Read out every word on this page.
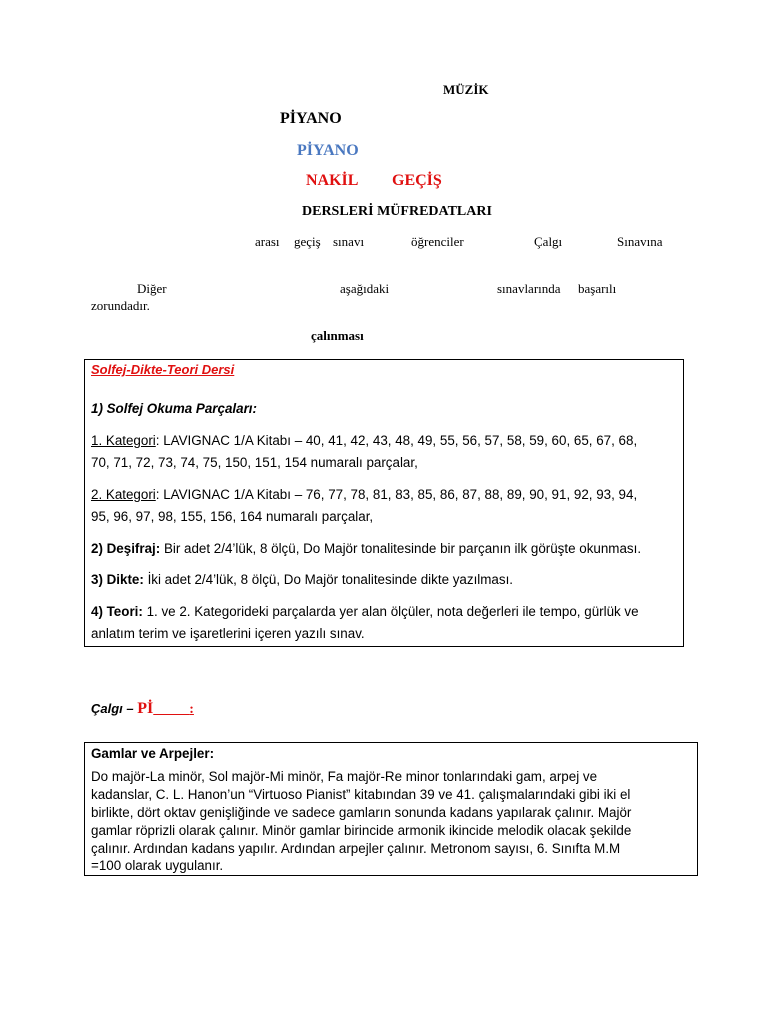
MÜZİK
PİYANO
PİYANO
NAKİL GEÇİŞ
DERSLERİ MÜFREDATLARI
arası geçiş sınavı	öğrenciler	Çalgı	Sınavına
Diğer	aşağıdaki	sınavlarında başarılı
zorundadır.
çalınması
Solfej-Dikte-Teori Dersi
1) Solfej Okuma Parçaları:
1. Kategori: LAVIGNAC 1/A Kitabı – 40, 41, 42, 43, 48, 49, 55, 56, 57, 58, 59, 60, 65, 67, 68,
70, 71, 72, 73, 74, 75, 150, 151, 154 numaralı parçalar,
2. Kategori: LAVIGNAC 1/A Kitabı – 76, 77, 78, 81, 83, 85, 86, 87, 88, 89, 90, 91, 92, 93, 94,
95, 96, 97, 98, 155, 156, 164 numaralı parçalar,
2) Deşifraj: Bir adet 2/4’lük, 8 ölçü, Do Majör tonalitesinde bir parçanın ilk görüşte okunması.
3) Dikte: İki adet 2/4’lük, 8 ölçü, Do Majör tonalitesinde dikte yazılması.
4) Teori: 1. ve 2. Kategorideki parçalarda yer alan ölçüler, nota değerleri ile tempo, gürlük ve
anlatım terim ve işaretlerini içeren yazılı sınav.
Çalgı – Pİ	:
Gamlar ve Arpejler:
Do majör-La minör, Sol majör-Mi minör, Fa majör-Re minor tonlarındaki gam, arpej ve
kadanslar, C. L. Hanon’un “Virtuoso Pianist” kitabından 39 ve 41. çalışmalarındaki gibi iki el
birlikte, dört oktav genişliğinde ve sadece gamların sonunda kadans yapılarak çalınır. Majör
gamlar röprizli olarak çalınır. Minör gamlar birincide armonik ikincide melodik olacak şekilde
çalınır. Ardından kadans yapılır. Ardından arpejler çalınır. Metronom sayısı, 6. Sınıfta M.M
=100 olarak uygulanır.
